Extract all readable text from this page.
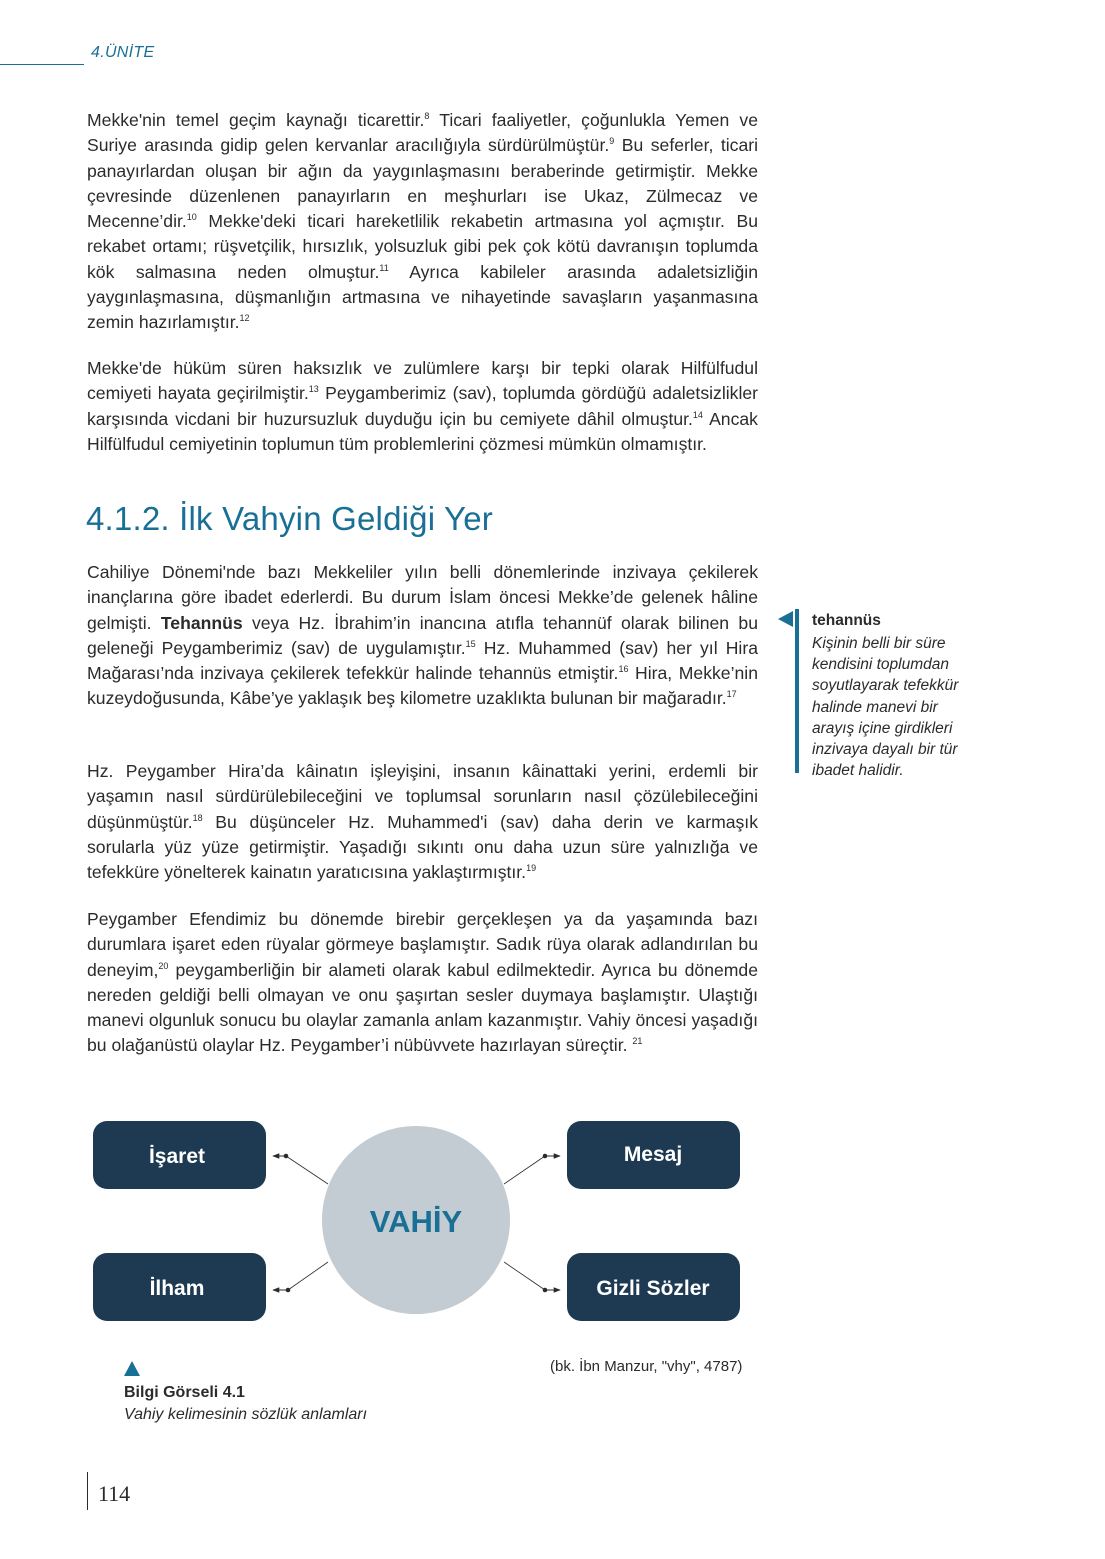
4.ÜNİTE

Mekke'nin temel geçim kaynağı ticarettir.$^8$ Ticari faaliyetler, çoğunlukla Yemen ve Suriye arasında gidip gelen kervanlar aracılığıyla sürdürülmüştür.$^9$ Bu seferler, ticari panayırlardan oluşan bir ağın da yaygınlaşmasını beraberinde getirmiştir. Mekke çevresinde düzenlenen panayırların en meşhurları ise Ukaz, Zülmecaz ve Mecenne’dir.$^{10}$ Mekke'deki ticari hareketlilik rekabetin artmasına yol açmıştır. Bu rekabet ortamı; rüşvetçilik, hırsızlık, yolsuzluk gibi pek çok kötü davranışın toplumda kök salmasına neden olmuştur.$^{11}$ Ayrıca kabileler arasında adaletsizliğin yaygınlaşmasına, düşmanlığın artmasına ve nihayetinde savaşların yaşanmasına zemin hazırlamıştır.$^{12}$

Mekke'de hüküm süren haksızlık ve zulümlere karşı bir tepki olarak Hilfülfudul cemiyeti hayata geçirilmiştir.$^{13}$ Peygamberimiz (sav), toplumda gördüğü adaletsizlikler karşısında vicdani bir huzursuzluk duyduğu için bu cemiyete dâhil olmuştur.$^{14}$ Ancak Hilfülfudul cemiyetinin toplumun tüm problemlerini çözmesi mümkün olmamıştır.

4.1.2. İlk Vahyin Geldiği Yer

Cahiliye Dönemi'nde bazı Mekkeliler yılın belli dönemlerinde inzivaya çekilerek inançlarına göre ibadet ederlerdi. Bu durum İslam öncesi Mekke’de gelenek hâline gelmişti. Tehannüs veya Hz. İbrahim’in inancına atıfla tehannüf olarak bilinen bu geleneği Peygamberimiz (sav) de uygulamıştır.$^{15}$ Hz. Muhammed (sav) her yıl Hira Mağarası’nda inzivaya çekilerek tefekkür halinde tehannüs etmiştir.$^{16}$ Hira, Mekke’nin kuzeydoğusunda, Kâbe’ye yaklaşık beş kilometre uzaklıkta bulunan bir mağaradır.$^{17}$

Hz. Peygamber Hira’da kâinatın işleyişini, insanın kâinattaki yerini, erdemli bir yaşamın nasıl sürdürülebileceğini ve toplumsal sorunların nasıl çözülebileceğini düşünmüştür.$^{18}$ Bu düşünceler Hz. Muhammed'i (sav) daha derin ve karmaşık sorularla yüz yüze getirmiştir. Yaşadığı sıkıntı onu daha uzun süre yalnızlığa ve tefekküre yönelterek kainatın yaratıcısına yaklaştırmıştır.$^{19}$

Peygamber Efendimiz bu dönemde birebir gerçekleşen ya da yaşamında bazı durumlara işaret eden rüyalar görmeye başlamıştır. Sadık rüya olarak adlandırılan bu deneyim,$^{20}$ peygamberliğin bir alameti olarak kabul edilmektedir. Ayrıca bu dönemde nereden geldiği belli olmayan ve onu şaşırtan sesler duymaya başlamıştır. Ulaştığı manevi olgunluk sonucu bu olaylar zamanla anlam kazanmıştır. Vahiy öncesi yaşadığı bu olağanüstü olaylar Hz. Peygamber’i nübüvvete hazırlayan süreçtir. $^{21}$

tehannüs

Kişinin belli bir süre kendisini toplumdan soyutlayarak tefekkür halinde manevi bir arayış içine girdikleri inzivaya dayalı bir tür ibadet halidir.

VAHİY
İşaret	Mesaj
İlham	Gizli Sözler
(bk. İbn Manzur, "vhy", 4787)
Bilgi Görseli 4.1
Vahiy kelimesinin sözlük anlamları
114
